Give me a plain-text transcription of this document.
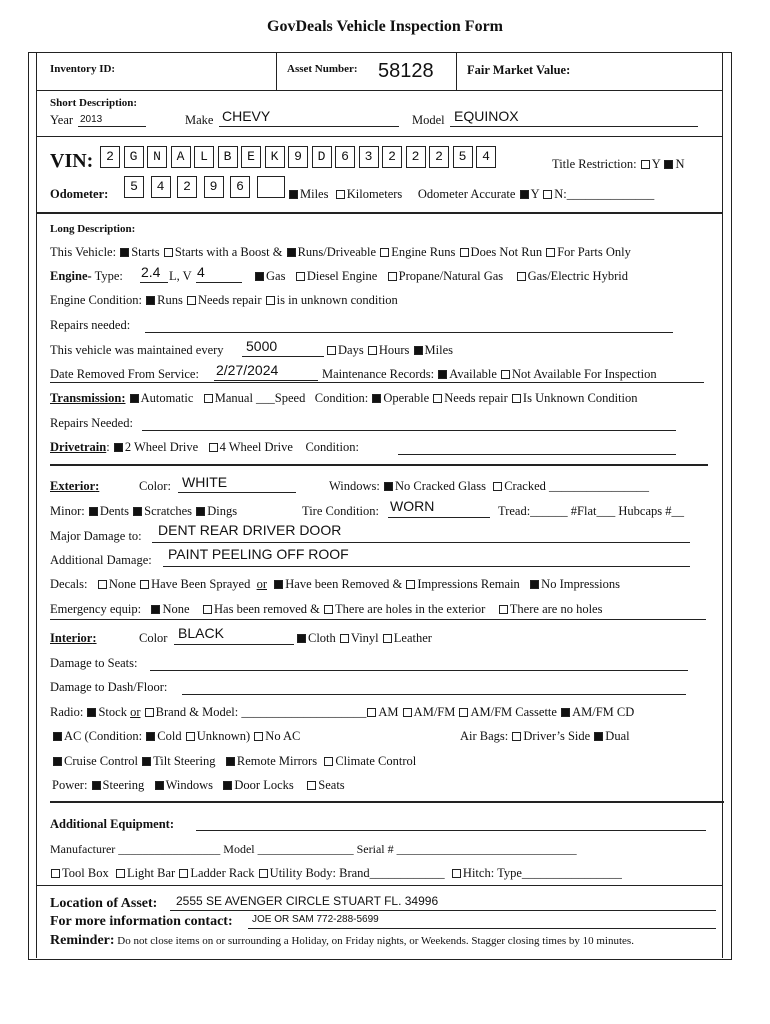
GovDeals Vehicle Inspection Form
Inventory ID:	Asset Number: 58128	Fair Market Value:
Short Description:
Year 2013	Make CHEVY	Model EQUINOX
VIN: 2	G	N	A	L	B	E	K	9	D	6	3	2	2	2	5	4	Title Restriction: Y N
Odometer:	5	4	2	9	6	Miles Kilometers Odometer Accurate Y N:______________
Long Description:
This Vehicle: Starts Starts with a Boost & Runs/Driveable Engine Runs Does Not Run For Parts Only
Engine- Type: 2.4 L, V 4	Gas Diesel Engine Propane/Natural Gas Gas/Electric Hybrid
Engine Condition: Runs Needs repair is in unknown condition
Repairs needed:
This vehicle was maintained every 5000	Days Hours Miles
Date Removed From Service: 2/27/2024	Maintenance Records: Available Not Available For Inspection
Transmission: Automatic Manual ___Speed Condition: Operable Needs repair Is Unknown Condition
Repairs Needed:
Drivetrain: 2 Wheel Drive 4 Wheel Drive Condition:
Exterior:	Color: WHITE	Windows: No Cracked Glass Cracked ________________
Minor: Dents Scratches Dings	Tire Condition: WORN	Tread:______ #Flat___ Hubcaps #__
Major Damage to: DENT REAR DRIVER DOOR
Additional Damage: PAINT PEELING OFF ROOF
Decals: None Have Been Sprayed or Have been Removed & Impressions Remain No Impressions
Emergency equip: None Has been removed & There are holes in the exterior There are no holes
Interior:	Color BLACK	Cloth Vinyl Leather
Damage to Seats:
Damage to Dash/Floor:
Radio: Stock or Brand & Model: ____________________ AM AM/FM AM/FM Cassette AM/FM CD
AC (Condition: Cold Unknown) No AC	Air Bags: Driver’s Side Dual
Cruise Control Tilt Steering Remote Mirrors Climate Control
Power: Steering Windows Door Locks Seats
Additional Equipment:
Manufacturer _________________ Model ________________ Serial # ______________________________
Tool Box Light Bar Ladder Rack Utility Body: Brand____________ Hitch: Type________________
Location of Asset: 2555 SE AVENGER CIRCLE STUART FL. 34996
For more information contact: JOE OR SAM 772-288-5699
Reminder: Do not close items on or surrounding a Holiday, on Friday nights, or Weekends. Stagger closing times by 10 minutes.
